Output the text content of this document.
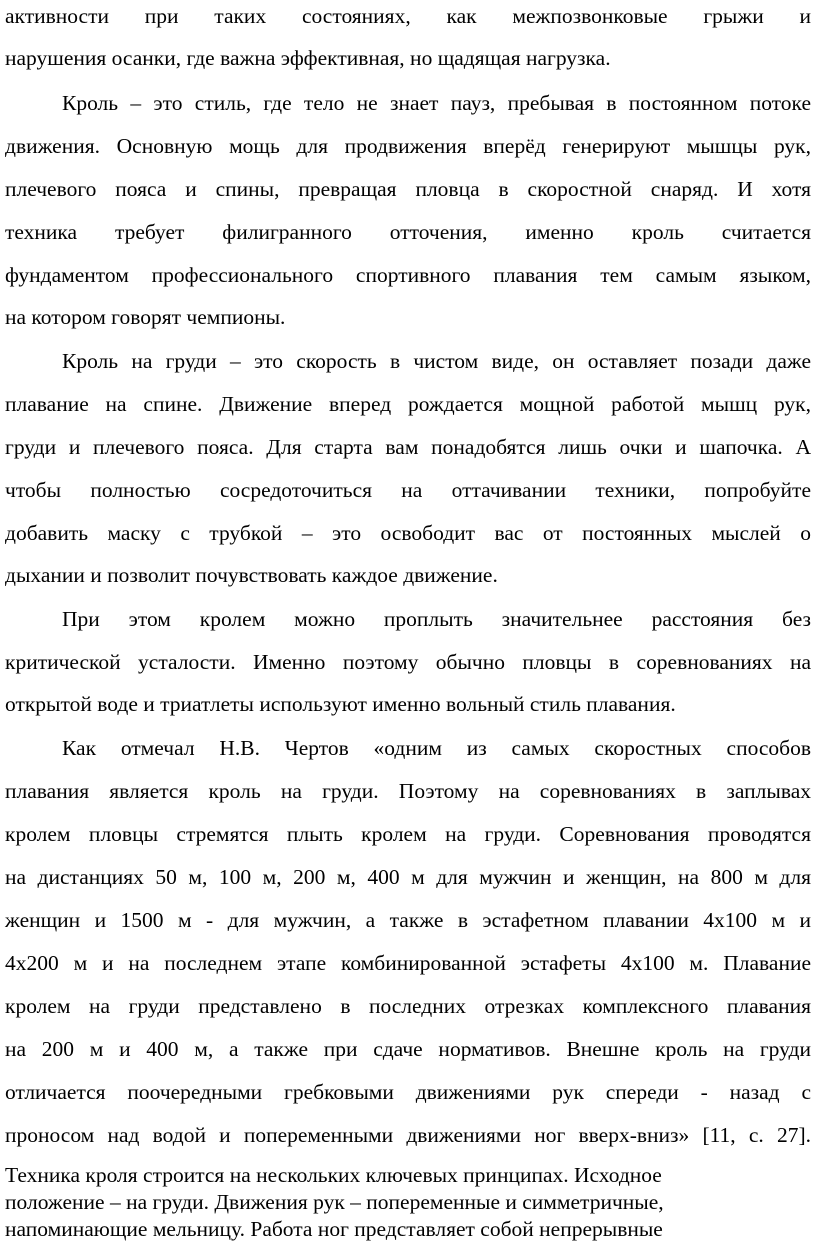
активности при таких состояниях, как межпозвонковые грыжи и
нарушения осанки, где важна эффективная, но щадящая нагрузка.
Кроль – это стиль, где тело не знает пауз, пребывая в постоянном потоке
движения. Основную мощь для продвижения вперёд генерируют мышцы рук,
плечевого пояса и спины, превращая пловца в скоростной снаряд. И хотя
техника требует филигранного отточения, именно кроль считается
фундаментом профессионального спортивного плавания тем самым языком,
на котором говорят чемпионы.
Кроль на груди – это скорость в чистом виде, он оставляет позади даже
плавание на спине. Движение вперед рождается мощной работой мышц рук,
груди и плечевого пояса. Для старта вам понадобятся лишь очки и шапочка. А
чтобы полностью сосредоточиться на оттачивании техники, попробуйте
добавить маску с трубкой – это освободит вас от постоянных мыслей о
дыхании и позволит почувствовать каждое движение.
При этом кролем можно проплыть значительнее расстояния без
критической усталости. Именно поэтому обычно пловцы в соревнованиях на
открытой воде и триатлеты используют именно вольный стиль плавания.
Как отмечал Н.В. Чертов «одним из самых скоростных способов
плавания является кроль на груди. Поэтому на соревнованиях в заплывах
кролем пловцы стремятся плыть кролем на груди. Соревнования проводятся
на дистанциях 50 м, 100 м, 200 м, 400 м для мужчин и женщин, на 800 м для
женщин и 1500 м - для мужчин, а также в эстафетном плавании 4х100 м и
4х200 м и на последнем этапе комбинированной эстафеты 4х100 м. Плавание
кролем на груди представлено в последних отрезках комплексного плавания
на 200 м и 400 м, а также при сдаче нормативов. Внешне кроль на груди
отличается поочередными гребковыми движениями рук спереди - назад с
проносом над водой и попеременными движениями ног вверх-вниз» [11, с. 27].
Техника кроля строится на нескольких ключевых принципах. Исходное
положение – на груди. Движения рук – попеременные и симметричные,
напоминающие мельницу. Работа ног представляет собой непрерывные
